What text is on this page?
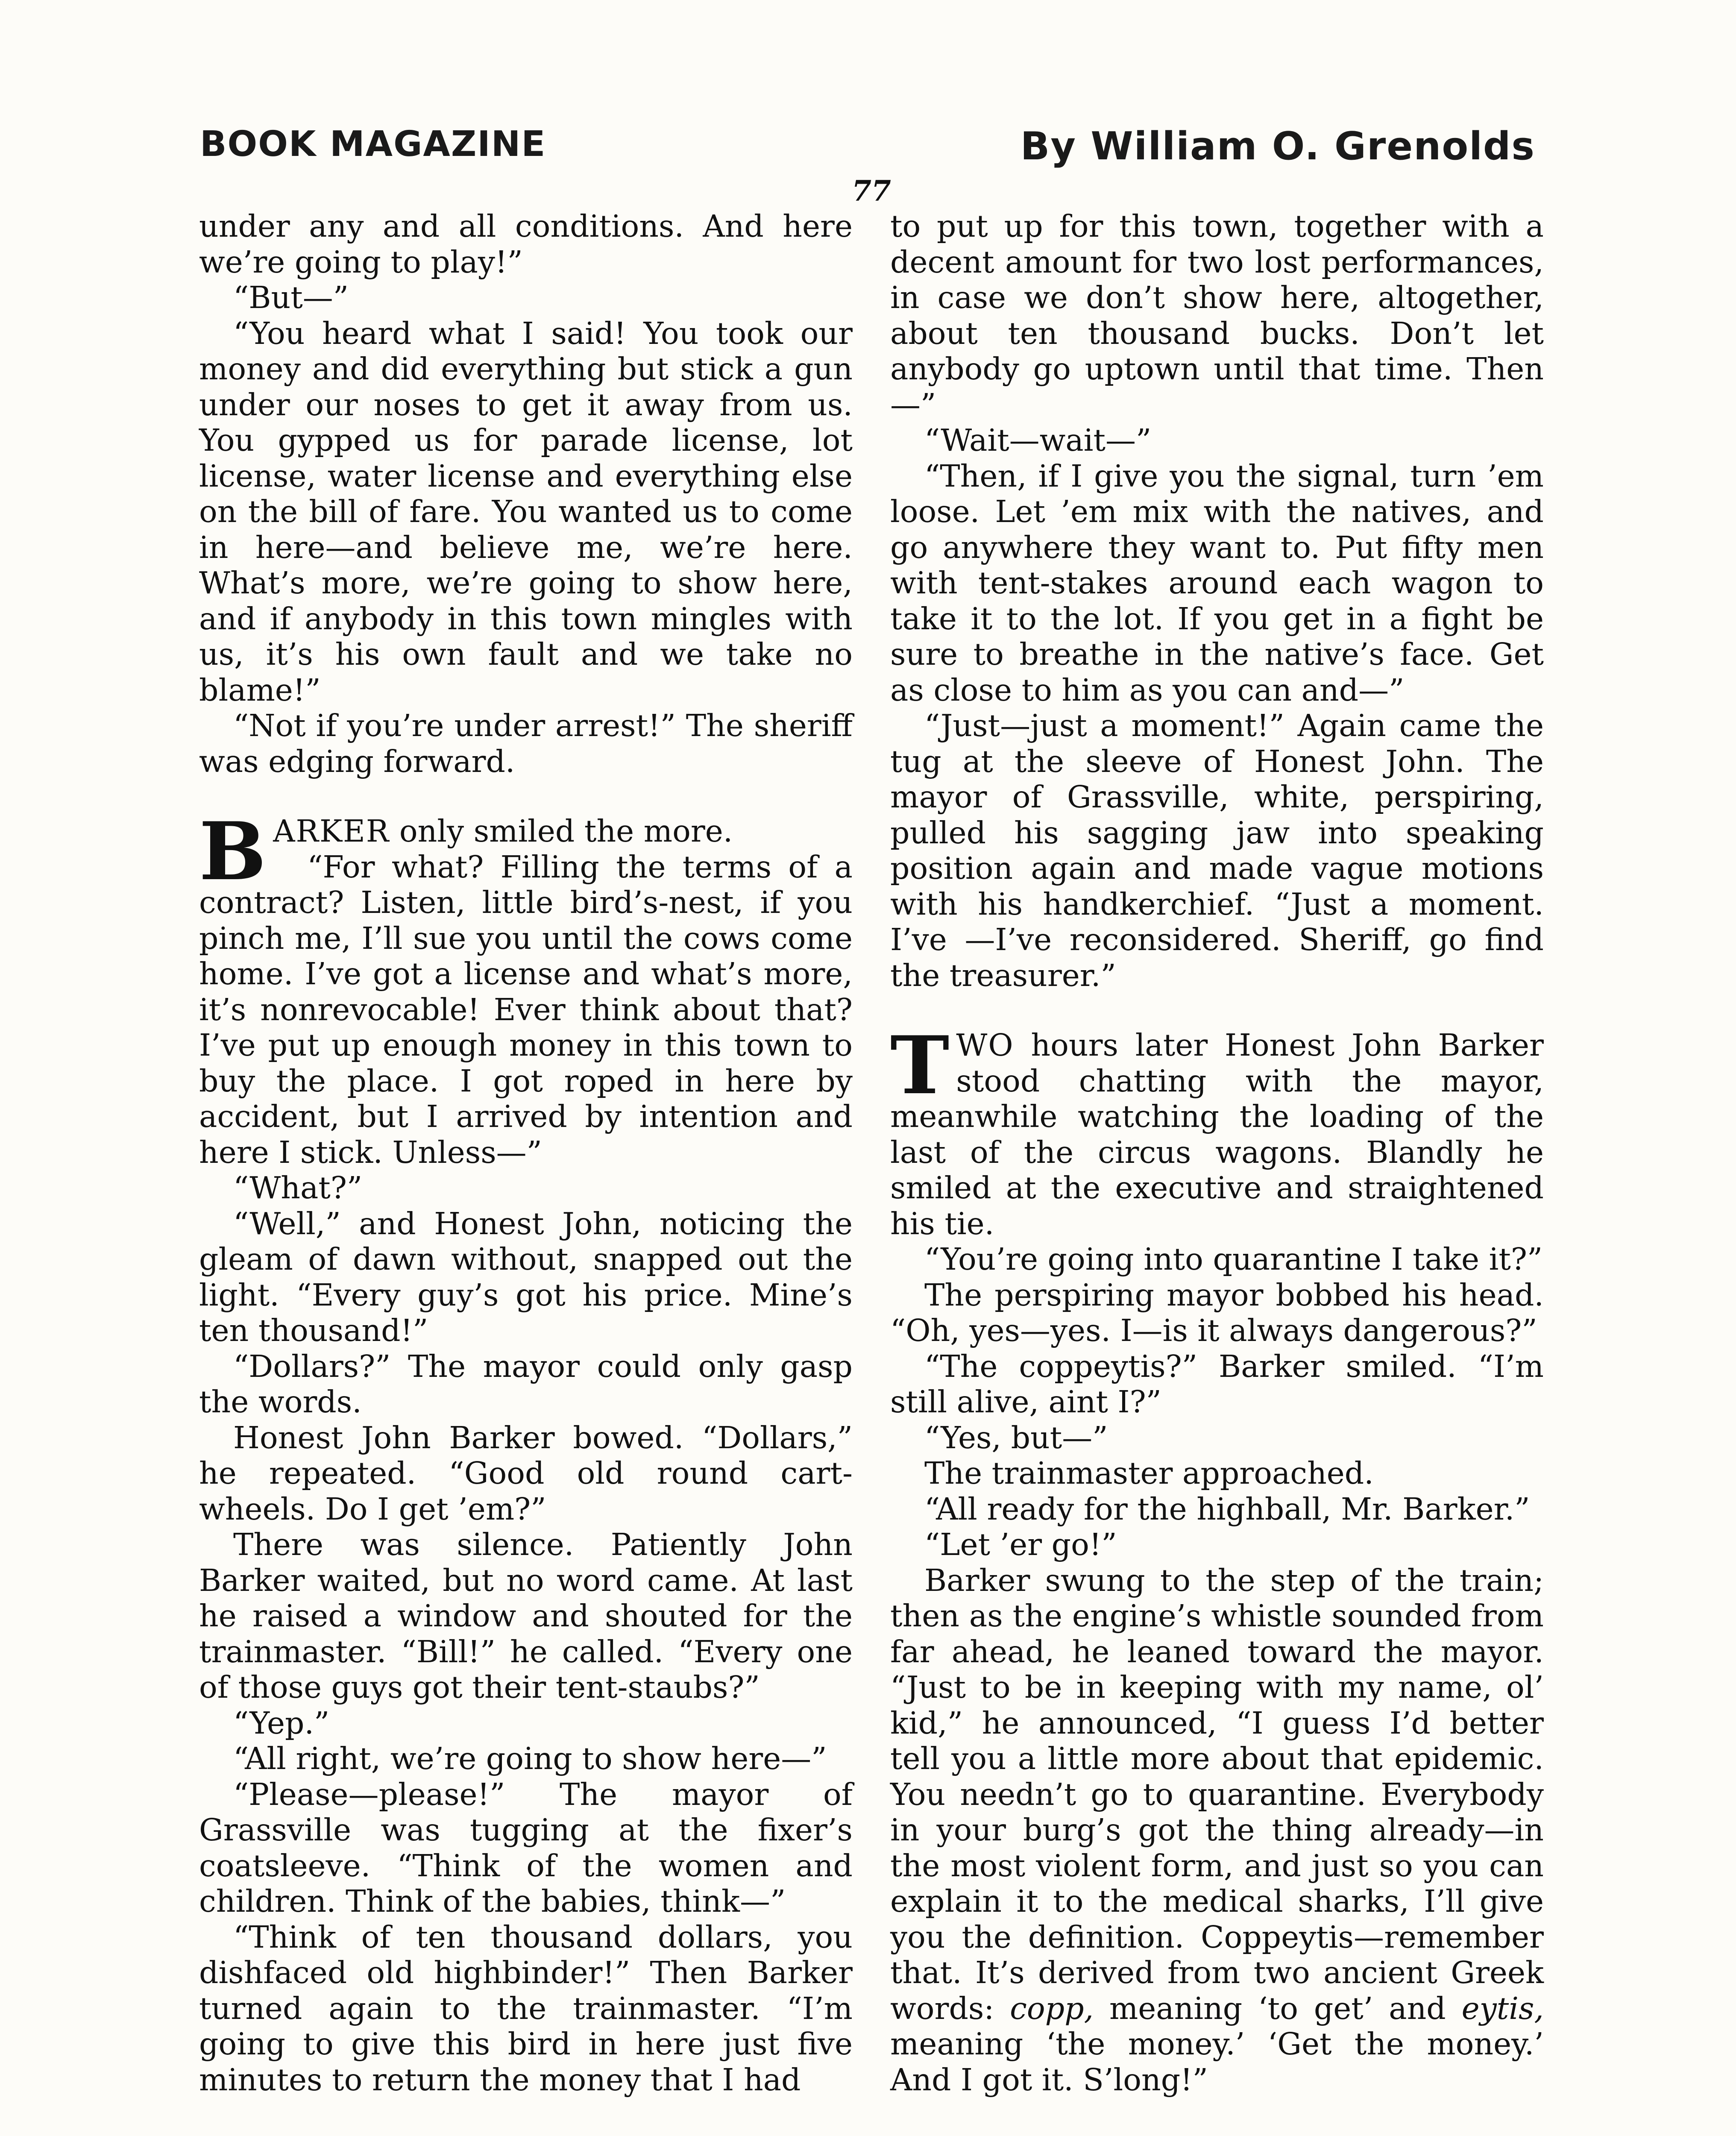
BOOK MAGAZINE	By William O. Grenolds
77

under any and all conditions. And here we’re going to play!”

“But—”

“You heard what I said! You took our money and did everything but stick a gun under our noses to get it away from us. You gypped us for parade license, lot license, water license and everything else on the bill of fare. You wanted us to come in here—and believe me, we’re here. What’s more, we’re going to show here, and if anybody in this town mingles with us, it’s his own fault and we take no blame!”

“Not if you’re under arrest!” The sheriff was edging forward.

BARKER only smiled the more.

“For what? Filling the terms of a contract? Listen, little bird’s-nest, if you pinch me, I’ll sue you until the cows come home. I’ve got a license and what’s more, it’s nonrevocable! Ever think about that? I’ve put up enough money in this town to buy the place. I got roped in here by accident, but I arrived by intention and here I stick. Unless—”

“What?”

“Well,” and Honest John, noticing the gleam of dawn without, snapped out the light. “Every guy’s got his price. Mine’s ten thousand!”

“Dollars?” The mayor could only gasp the words.

Honest John Barker bowed. “Dollars,” he repeated. “Good old round cart-wheels. Do I get ’em?”

There was silence. Patiently John Barker waited, but no word came. At last he raised a window and shouted for the trainmaster. “Bill!” he called. “Every one of those guys got their tent-staubs?”

“Yep.”

“All right, we’re going to show here—”

“Please—please!” The mayor of Grassville was tugging at the fixer’s coatsleeve. “Think of the women and children. Think of the babies, think—”

“Think of ten thousand dollars, you dishfaced old highbinder!” Then Barker turned again to the trainmaster. “I’m going to give this bird in here just five minutes to return the money that I had

to put up for this town, together with a decent amount for two lost performances, in case we don’t show here, altogether, about ten thousand bucks. Don’t let anybody go uptown until that time. Then—”

“Wait—wait—”

“Then, if I give you the signal, turn ’em loose. Let ’em mix with the natives, and go anywhere they want to. Put fifty men with tent-stakes around each wagon to take it to the lot. If you get in a fight be sure to breathe in the native’s face. Get as close to him as you can and—”

“Just—just a moment!” Again came the tug at the sleeve of Honest John. The mayor of Grassville, white, perspiring, pulled his sagging jaw into speaking position again and made vague motions with his handkerchief. “Just a moment. I’ve —I’ve reconsidered. Sheriff, go find the treasurer.”

TWO hours later Honest John Barker stood chatting with the mayor, meanwhile watching the loading of the last of the circus wagons. Blandly he smiled at the executive and straightened his tie.

“You’re going into quarantine I take it?”

The perspiring mayor bobbed his head. “Oh, yes—yes. I—is it always dangerous?”

“The coppeytis?” Barker smiled. “I’m still alive, aint I?”

“Yes, but—”

The trainmaster approached.

“All ready for the highball, Mr. Barker.”

“Let ’er go!”

Barker swung to the step of the train; then as the engine’s whistle sounded from far ahead, he leaned toward the mayor. “Just to be in keeping with my name, ol’ kid,” he announced, “I guess I’d better tell you a little more about that epidemic. You needn’t go to quarantine. Everybody in your burg’s got the thing already—in the most violent form, and just so you can explain it to the medical sharks, I’ll give you the definition. Coppeytis—remember that. It’s derived from two ancient Greek words: copp, meaning ‘to get’ and eytis, meaning ‘the money.’ ‘Get the money.’ And I got it. S’long!”
